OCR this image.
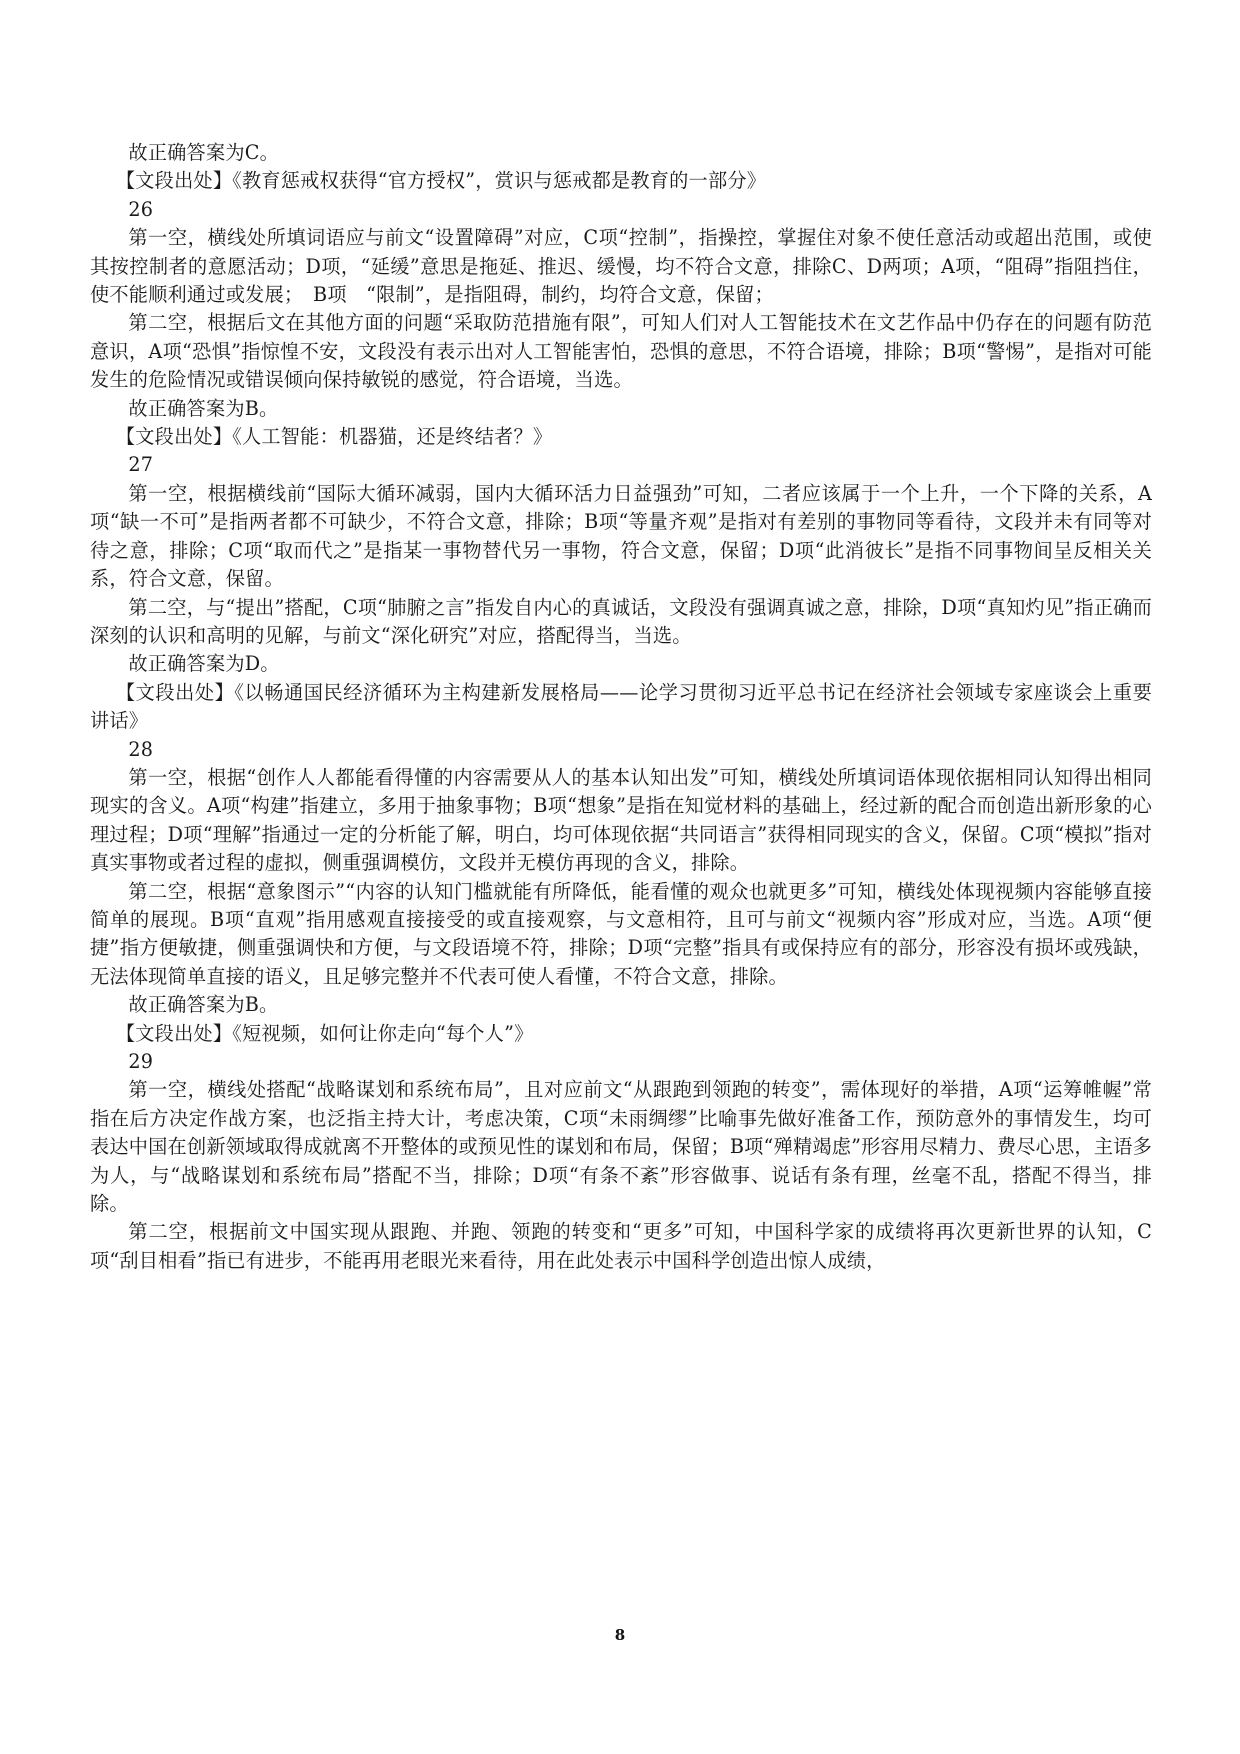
故正确答案为C。

【文段出处】《教育惩戒权获得“官方授权”，赏识与惩戒都是教育的一部分》

26

第一空，横线处所填词语应与前文“设置障碍”对应，C项“控制”，指操控，掌握住对象不使任意活动或超出范围，或使其按控制者的意愿活动；D项，“延缓”意思是拖延、推迟、缓慢，均不符合文意，排除C、D两项；A项，“阻碍”指阻挡住，使不能顺利通过或发展；　B项　“限制”，是指阻碍，制约，均符合文意，保留；

第二空，根据后文在其他方面的问题“采取防范措施有限”，可知人们对人工智能技术在文艺作品中仍存在的问题有防范意识，A项“恐惧”指惊惶不安，文段没有表示出对人工智能害怕，恐惧的意思，不符合语境，排除；B项“警惕”，是指对可能发生的危险情况或错误倾向保持敏锐的感觉，符合语境，当选。

故正确答案为B。

【文段出处】《人工智能：机器猫，还是终结者？》

27

第一空，根据横线前“国际大循环减弱，国内大循环活力日益强劲”可知，二者应该属于一个上升，一个下降的关系，A项“缺一不可”是指两者都不可缺少，不符合文意，排除；B项“等量齐观”是指对有差别的事物同等看待，文段并未有同等对待之意，排除；C项“取而代之”是指某一事物替代另一事物，符合文意，保留；D项“此消彼长”是指不同事物间呈反相关关系，符合文意，保留。

第二空，与“提出”搭配，C项“肺腑之言”指发自内心的真诚话，文段没有强调真诚之意，排除，D项“真知灼见”指正确而深刻的认识和高明的见解，与前文“深化研究”对应，搭配得当，当选。

故正确答案为D。

【文段出处】《以畅通国民经济循环为主构建新发展格局——论学习贯彻习近平总书记在经济社会领域专家座谈会上重要讲话》

28

第一空，根据“创作人人都能看得懂的内容需要从人的基本认知出发”可知，横线处所填词语体现依据相同认知得出相同现实的含义。A项“构建”指建立，多用于抽象事物；B项“想象”是指在知觉材料的基础上，经过新的配合而创造出新形象的心理过程；D项“理解”指通过一定的分析能了解，明白，均可体现依据“共同语言”获得相同现实的含义，保留。C项“模拟”指对真实事物或者过程的虚拟，侧重强调模仿，文段并无模仿再现的含义，排除。

第二空，根据“意象图示”“内容的认知门槛就能有所降低，能看懂的观众也就更多”可知，横线处体现视频内容能够直接简单的展现。B项“直观”指用感观直接接受的或直接观察，与文意相符，且可与前文“视频内容”形成对应，当选。A项“便捷”指方便敏捷，侧重强调快和方便，与文段语境不符，排除；D项“完整”指具有或保持应有的部分，形容没有损坏或残缺，无法体现简单直接的语义，且足够完整并不代表可使人看懂，不符合文意，排除。

故正确答案为B。

【文段出处】《短视频，如何让你走向“每个人”》

29

第一空，横线处搭配“战略谋划和系统布局”，且对应前文“从跟跑到领跑的转变”，需体现好的举措，A项“运筹帷幄”常指在后方决定作战方案，也泛指主持大计，考虑决策，C项“未雨绸缪”比喻事先做好准备工作，预防意外的事情发生，均可表达中国在创新领域取得成就离不开整体的或预见性的谋划和布局，保留；B项“殚精竭虑”形容用尽精力、费尽心思，主语多为人，与“战略谋划和系统布局”搭配不当，排除；D项“有条不紊”形容做事、说话有条有理，丝毫不乱，搭配不得当，排除。

第二空，根据前文中国实现从跟跑、并跑、领跑的转变和“更多”可知，中国科学家的成绩将再次更新世界的认知，C项“刮目相看”指已有进步，不能再用老眼光来看待，用在此处表示中国科学创造出惊人成绩，

8
